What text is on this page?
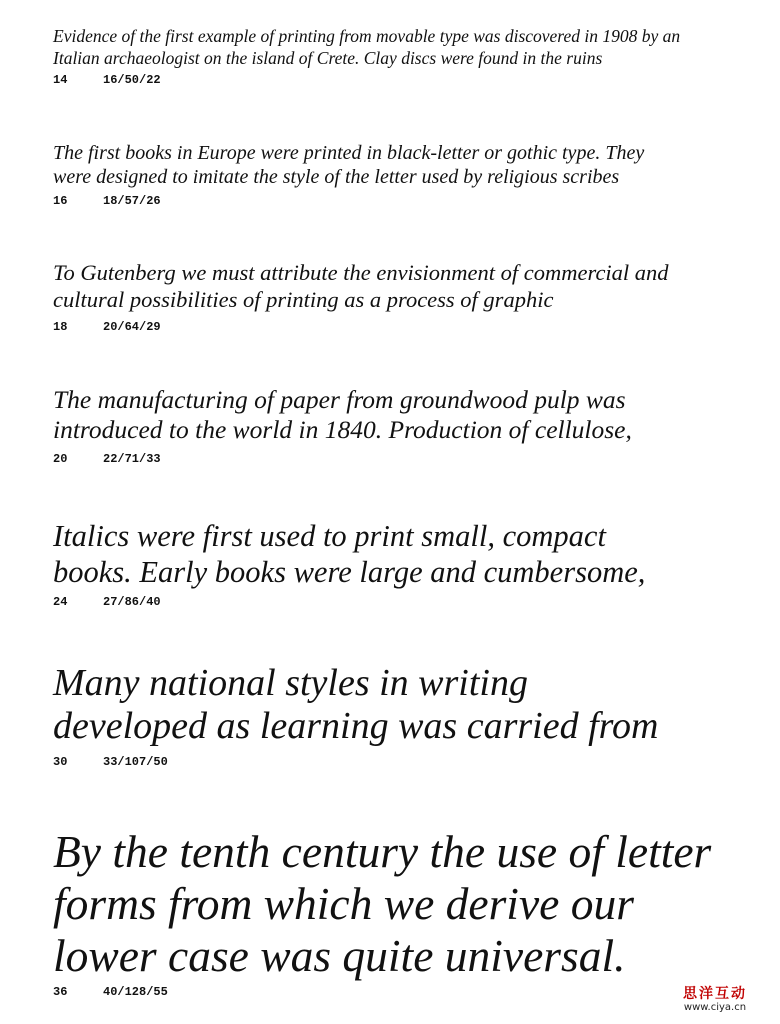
Evidence of the first example of printing from movable type was discovered in 1908 by an
Italian archaeologist on the island of Crete. Clay discs were found in the ruins

14	16/50/22

The first books in Europe were printed in black-letter or gothic type. They
were designed to imitate the style of the letter used by religious scribes

16	18/57/26

To Gutenberg we must attribute the envisionment of commercial and
cultural possibilities of printing as a process of graphic

18	20/64/29

The manufacturing of paper from groundwood pulp was
introduced to the world in 1840. Production of cellulose,

20	22/71/33

Italics were first used to print small, compact
books. Early books were large and cumbersome,

24	27/86/40

Many national styles in writing
developed as learning was carried from

30	33/107/50

By the tenth century the use of letter
forms from which we derive our
lower case was quite universal.

36	40/128/55	思洋互动
www.ciya.cn
